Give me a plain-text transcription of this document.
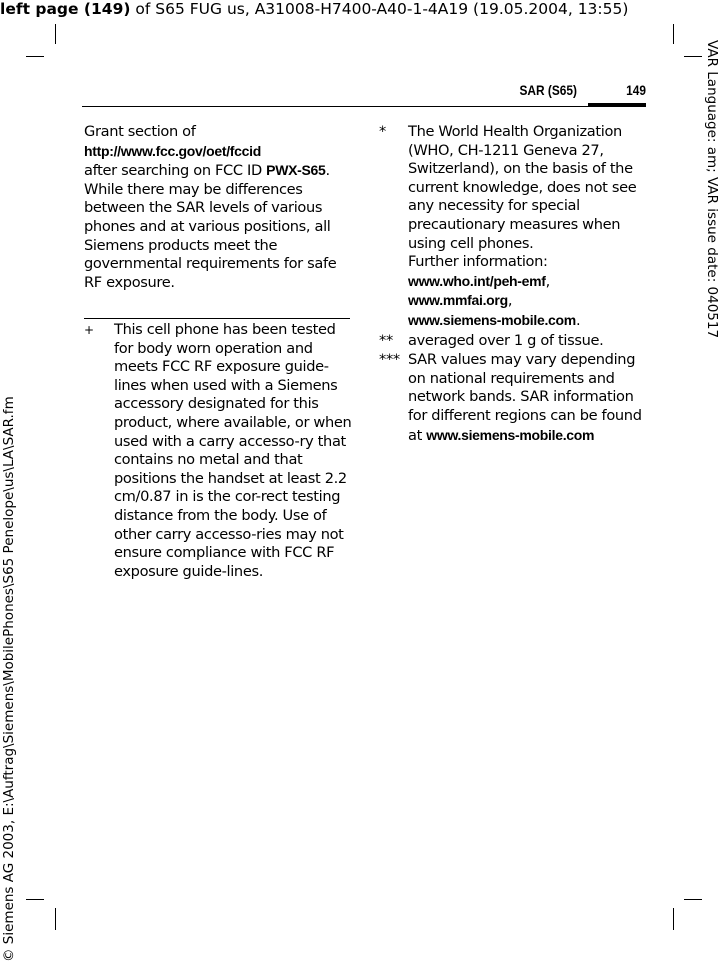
left page (149) of S65 FUG us, A31008-H7400-A40-1-4A19 (19.05.2004, 13:55)
VAR Language: am; VAR issue date: 040517
© Siemens AG 2003, E:\Auftrag\Siemens\MobilePhones\S65 Penelope\us\LA\SAR.fm
SAR (S65)	149

Grant section of

http://www.fcc.gov/oet/fccid

after searching on FCC ID PWX-S65.

While there may be differences between the SAR levels of various phones and at various positions, all Siemens products meet the governmental requirements for safe RF exposure.

+ This cell phone has been tested for body worn operation and meets FCC RF exposure guide-lines when used with a Siemens accessory designated for this product, where available, or when used with a carry accesso-ry that contains no metal and that positions the handset at least 2.2 cm/0.87 in is the cor-rect testing distance from the body. Use of other carry accesso-ries may not ensure compliance with FCC RF exposure guide-lines.
* The World Health Organization (WHO, CH-1211 Geneva 27, Switzerland), on the basis of the current knowledge, does not see any necessity for special precautionary measures when using cell phones.
Further information:
www.who.int/peh-emf,
www.mmfai.org,
www.siemens-mobile.com.
** averaged over 1 g of tissue.
*** SAR values may vary depending on national requirements and network bands. SAR information for different regions can be found at www.siemens-mobile.com
